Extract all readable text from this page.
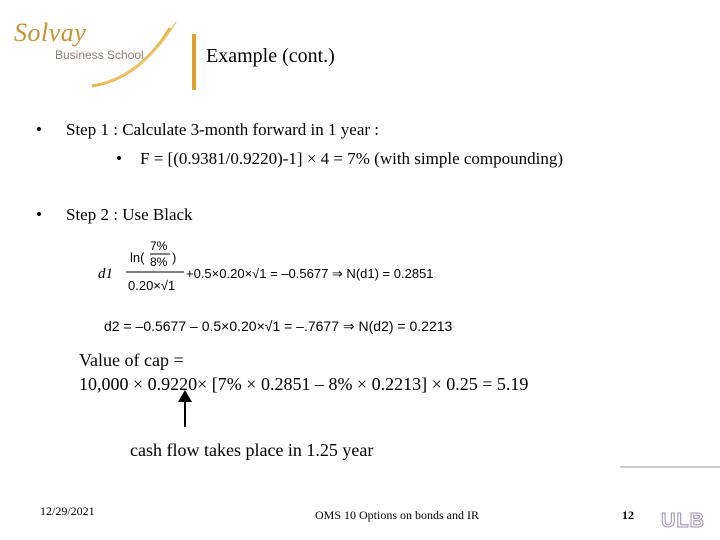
Solvay
Business School	Example (cont.)
• Step 1 : Calculate 3-month forward in 1 year :
• F = [(0.9381/0.9220)-1] × 4 = 7% (with simple compounding)
• Step 2 : Use Black
d1
ln(
7%
8% )
0.20×√1
+0.5×0.20×√1 = –0.5677 ⇒ N(d1) = 0.2851
d2 = –0.5677 – 0.5×0.20×√1 = –.7677 ⇒ N(d2) = 0.2213
Value of cap =
10,000 × 0.9220× [7% × 0.2851 – 8% × 0.2213] × 0.25 = 5.19
cash flow takes place in 1.25 year
12/29/2021	OMS 10 Options on bonds and IR	12 ULB
